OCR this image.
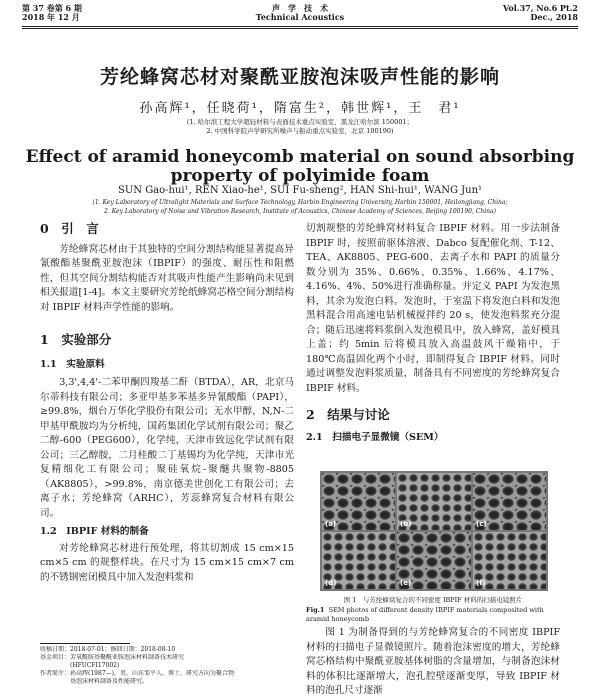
第 37 卷第 6 期
2018 年 12 月
声　学　技　术
Technical Acoustics
Vol.37, No.6 Pt.2
Dec., 2018
芳纶蜂窝芯材对聚酰亚胺泡沫吸声性能的影响
孙高辉¹，任晓荷¹，隋富生²，韩世辉¹，王　君¹
(1. 哈尔滨工程大学超轻材料与表面技术重点实验室，黑龙江哈尔滨 150001；
2. 中国科学院声学研究所噪声与振动重点实验室，北京 100190)
Effect of aramid honeycomb material on sound absorbing
property of polyimide foam
SUN Gao-hui¹, REN Xiao-he¹, SUI Fu-sheng², HAN Shi-hui¹, WANG Jun¹
(1. Key Laboratory of Ultralight Materials and Surface Technology, Harbin Engineering University, Harbin 150001, Heilongjiang, China;
2. Key Laboratory of Noise and Vibration Research, Institute of Acoustics, Chinese Academy of Sciences, Beijing 100190, China)
0　引　言

芳纶蜂窝芯材由于其独特的空间分割结构能显著提高异氰酸酯基聚酰亚胺泡沫（IBPIF）的强度、耐压性和阻燃性，但其空间分割结构能否对其吸声性能产生影响尚未见到相关报道[1-4]。本文主要研究芳纶纸蜂窝芯格空间分割结构对 IBPIF 材料声学性能的影响。

1　实验部分
1.1　实验原料

3,3',4,4'-二苯甲酮四羧基二酐（BTDA），AR，北京马尔蒂科技有限公司；多亚甲基多苯基多异氰酸酯（PAPI），≥99.8%，烟台万华化学股份有限公司；无水甲醇，N,N-二甲基甲酰胺均为分析纯，国药集团化学试剂有限公司；聚乙二醇-600（PEG600），化学纯，天津市致远化学试剂有限公司；三乙醇胺，二月桂酸二丁基锡均为化学纯，天津市光复精细化工有限公司；聚硅氧烷-聚醚共聚物-8805（AK8805），>99.8%，南京德美世创化工有限公司；去离子水；芳纶蜂窝（ARHC），芳蕊蜂窝复合材料有限公司。

1.2　IBPIF 材料的制备

对芳纶蜂窝芯材进行预处理，将其切割成 15 cm×15 cm×5 cm 的规整样块。在尺寸为 15 cm×15 cm×7 cm 的不锈钢密闭模具中加入发泡料浆和

收稿日期：2018-07-01；修回日期：2018-08-10
基金项目：芳氧酰胺基聚酰亚胺泡沫材料制备技术研究
　　　　　(HFUCFI17002)
作者简介：孙高辉(1987—)，男，山东邹平人，博士，研究方向为聚合物
　　　　　基泡沫材料制备及性能研究。

切割规整的芳纶蜂窝材料复合 IBPIF 材料。用一步法制备 IBPIF 时，按照前驱体溶液、Dabco 复配催化剂、T-12、TEA、AK8805、PEG-600、去离子水和 PAPI 的质量分数分别为 35%、0.66%、0.35%、1.66%、4.17%、4.16%、4%、50%进行准确称量。并定义 PAPI 为发泡黑料，其余为发泡白料。发泡时，于室温下将发泡白料和发泡黑料混合用高速电钻机械搅拌约 20 s，使发泡料浆充分混合；随后迅速将料浆倒入发泡模具中，放入蜂窝，盖好模具上盖；约 5min 后将模具放入高温鼓风干燥箱中，于 180℃高温固化两个小时，即制得复合 IBPIF 材料。同时通过调整发泡料浆质量，制备具有不同密度的芳纶蜂窝复合 IBPIF 材料。

2　结果与讨论
2.1　扫描电子显微镜（SEM）
(a)	(b)	(c)
(d)	(e)	(f)
图 1　与芳纶蜂窝复合的不同密度 IBPIF 材料的扫描电镜照片
Fig.1 SEM photos of different density IBPIF materials composited with aramid honeycomb

图 1 为制备得到的与芳纶蜂窝复合的不同密度 IBPIF 材料的扫描电子显微镜照片。随着泡沫密度的增大，芳纶蜂窝芯格结构中聚酰亚胺基体树脂的含量增加，与制备泡沫材料的体积比逐渐增大，泡孔腔壁逐渐变厚，导致 IBPIF 材料的泡孔尺寸逐渐
